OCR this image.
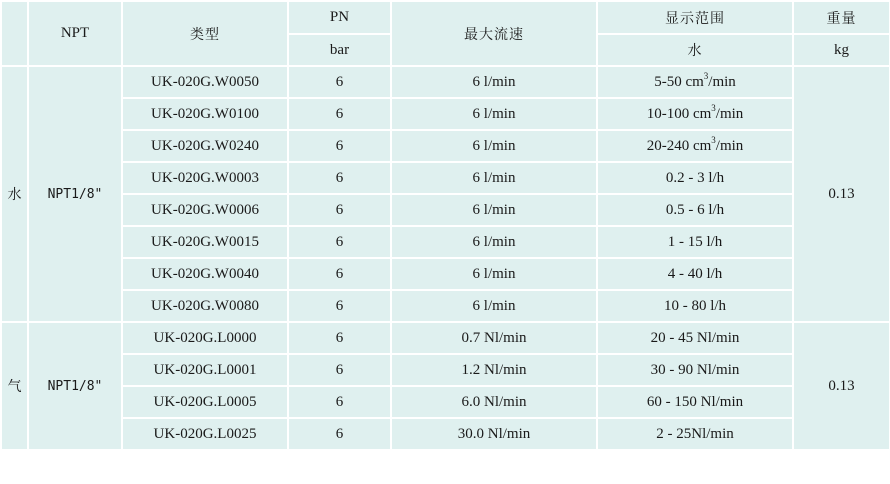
	NPT	类型	PN	最大流速	显示范围	重量
			bar		水	kg
水	NPT1/8"	UK-020G.W0050	6	6 l/min	5-50 $cm^3/\min$	0.13
		UK-020G.W0100	6	6 l/min	10-100 $cm^3/\min$	
		UK-020G.W0240	6	6 l/min	20-240 $cm^3/\min$	
		UK-020G.W0003	6	6 l/min	0.2 - 3 l/h	
		UK-020G.W0006	6	6 l/min	0.5 - 6 l/h	
		UK-020G.W0015	6	6 l/min	1 - 15 l/h	
		UK-020G.W0040	6	6 l/min	4 - 40 l/h	
		UK-020G.W0080	6	6 l/min	10 - 80 l/h	
气	NPT1/8"	UK-020G.L0000	6	0.7 Nl/min	20 - 45 Nl/min	0.13
		UK-020G.L0001	6	1.2 Nl/min	30 - 90 Nl/min	
		UK-020G.L0005	6	6.0 Nl/min	60 - 150 Nl/min	
		UK-020G.L0025	6	30.0 Nl/min	2 - 25Nl/min	
